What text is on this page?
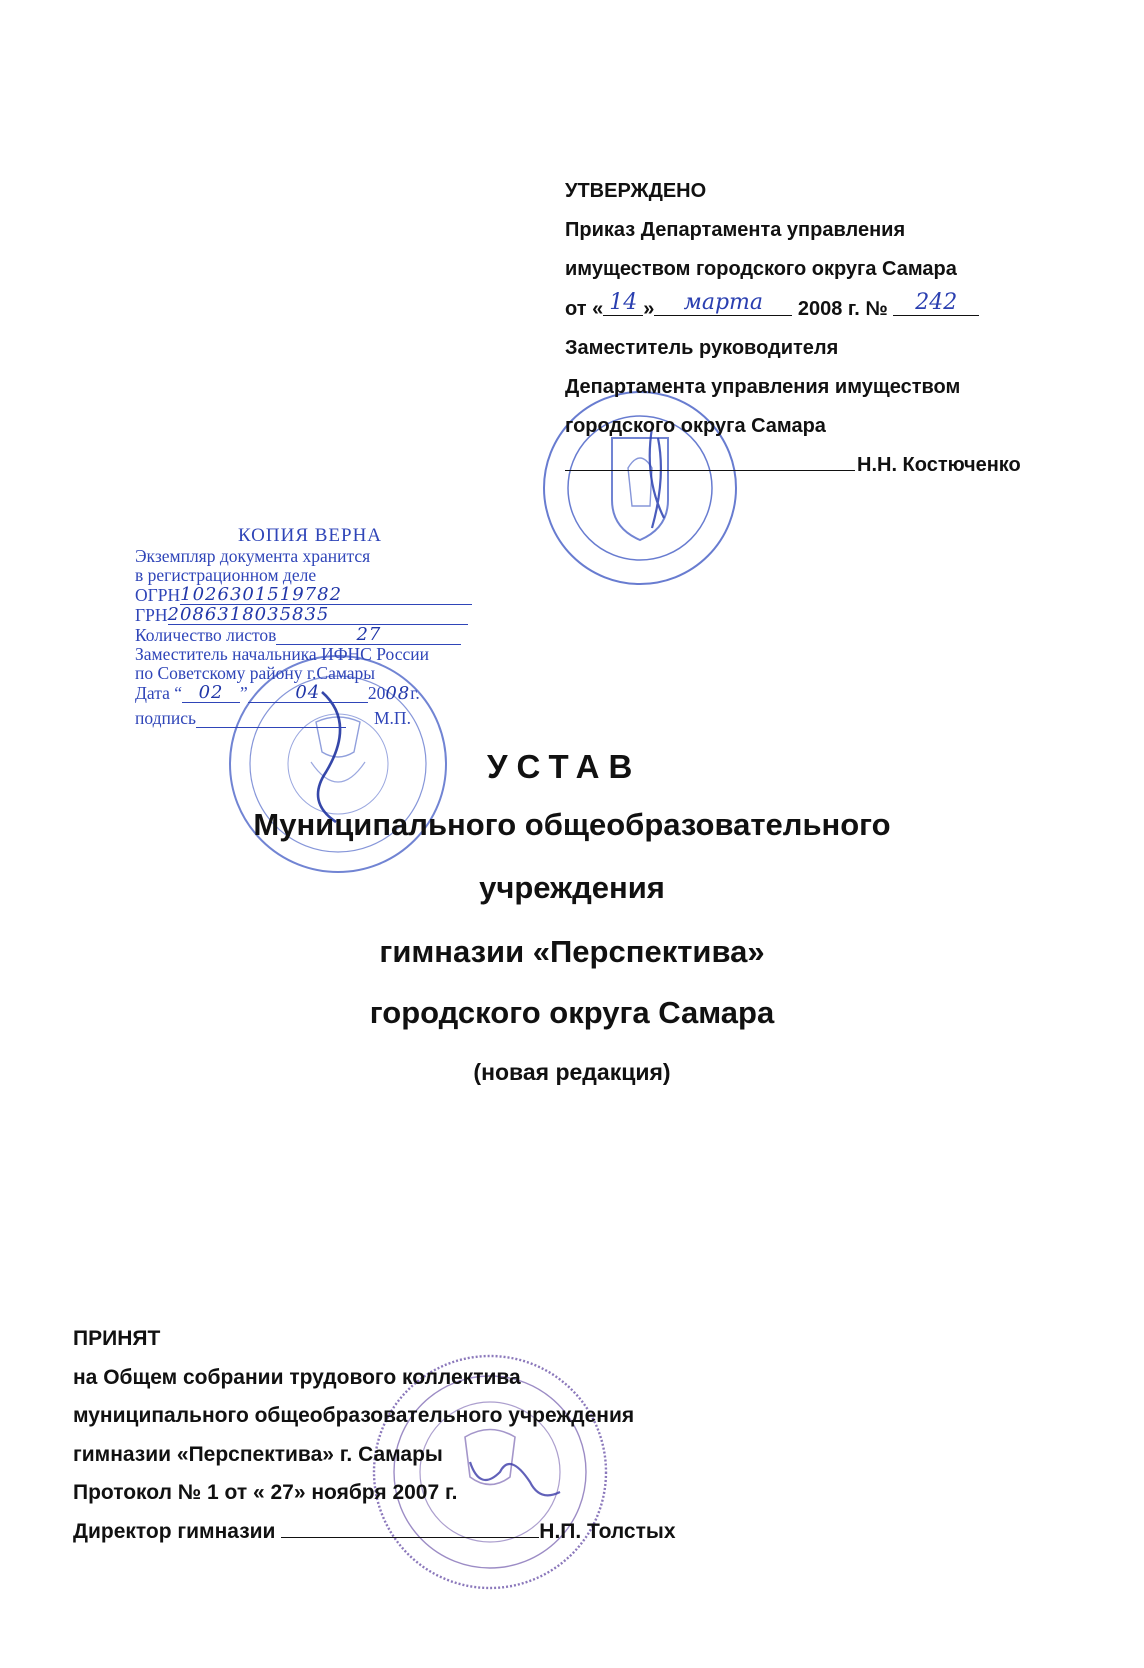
УТВЕРЖДЕНО
Приказ Департамента управления
имуществом городского округа Самара
от « 14 » марта 2008 г. № 242
Заместитель руководителя
Департамента управления имуществом
городского округа Самара
Н.Н. Костюченко
КОПИЯ ВЕРНА
Экземпляр документа хранится
в регистрационном деле
ОГРН1026301519782
ГРН2086318035835
Количество листов	27
Заместитель начальника ИФНС России
по Советскому району г.Самары
Дата “ 02 ”	04	2008г.
подпись	М.П.
УСТАВ
Муниципального общеобразовательного
учреждения
гимназии «Перспектива»
городского округа Самара
(новая редакция)
ПРИНЯТ
на Общем собрании трудового коллектива
муниципального общеобразовательного учреждения
гимназии «Перспектива» г. Самары
Протокол № 1 от « 27» ноября 2007 г.
Директор гимназии	Н.П. Толстых
